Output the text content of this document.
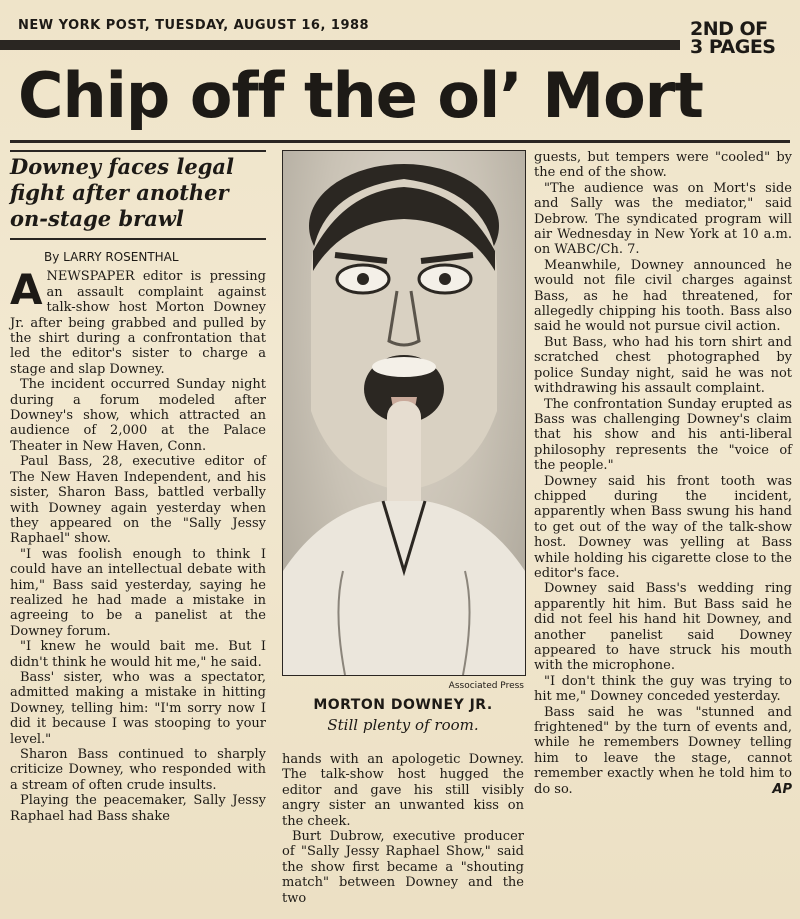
NEW YORK POST, TUESDAY, AUGUST 16, 1988	2ND OF
3 PAGES
Chip off the ol’ Mort
Downey faces legal fight after another on-stage brawl
By LARRY ROSENTHAL

ANEWSPAPER editor is pressing an assault complaint against talk-show host Morton Downey Jr. after being grabbed and pulled by the shirt during a confrontation that led the editor's sister to charge a stage and slap Downey.

The incident occurred Sunday night during a forum modeled after Downey's show, which attracted an audience of 2,000 at the Palace Theater in New Haven, Conn.

Paul Bass, 28, executive editor of The New Haven Independent, and his sister, Sharon Bass, battled verbally with Downey again yesterday when they appeared on the "Sally Jessy Raphael" show.

"I was foolish enough to think I could have an intellectual debate with him," Bass said yesterday, saying he realized he had made a mistake in agreeing to be a panelist at the Downey forum.

"I knew he would bait me. But I didn't think he would hit me," he said.

Bass' sister, who was a spectator, admitted making a mistake in hitting Downey, telling him: "I'm sorry now I did it because I was stooping to your level."

Sharon Bass continued to sharply criticize Downey, who responded with a stream of often crude insults.

Playing the peacemaker, Sally Jessy Raphael had Bass shake

Associated Press
MORTON DOWNEY JR.
Still plenty of room.

hands with an apologetic Downey. The talk-show host hugged the editor and gave his still visibly angry sister an unwanted kiss on the cheek.

Burt Dubrow, executive producer of "Sally Jessy Raphael Show," said the show first became a "shouting match" between Downey and the two

guests, but tempers were "cooled" by the end of the show.

"The audience was on Mort's side and Sally was the mediator," said Debrow. The syndicated program will air Wednesday in New York at 10 a.m. on WABC/Ch. 7.

Meanwhile, Downey announced he would not file civil charges against Bass, as he had threatened, for allegedly chipping his tooth. Bass also said he would not pursue civil action.

But Bass, who had his torn shirt and scratched chest photographed by police Sunday night, said he was not withdrawing his assault complaint.

The confrontation Sunday erupted as Bass was challenging Downey's claim that his show and his anti-liberal philosophy represents the "voice of the people."

Downey said his front tooth was chipped during the incident, apparently when Bass swung his hand to get out of the way of the talk-show host. Downey was yelling at Bass while holding his cigarette close to the editor's face.

Downey said Bass's wedding ring apparently hit him. But Bass said he did not feel his hand hit Downey, and another panelist said Downey appeared to have struck his mouth with the microphone.

"I don't think the guy was trying to hit me," Downey conceded yesterday.

Bass said he was "stunned and frightened" by the turn of events and, while he remembers Downey telling him to leave the stage, cannot remember exactly when he told him to do so.	AP
